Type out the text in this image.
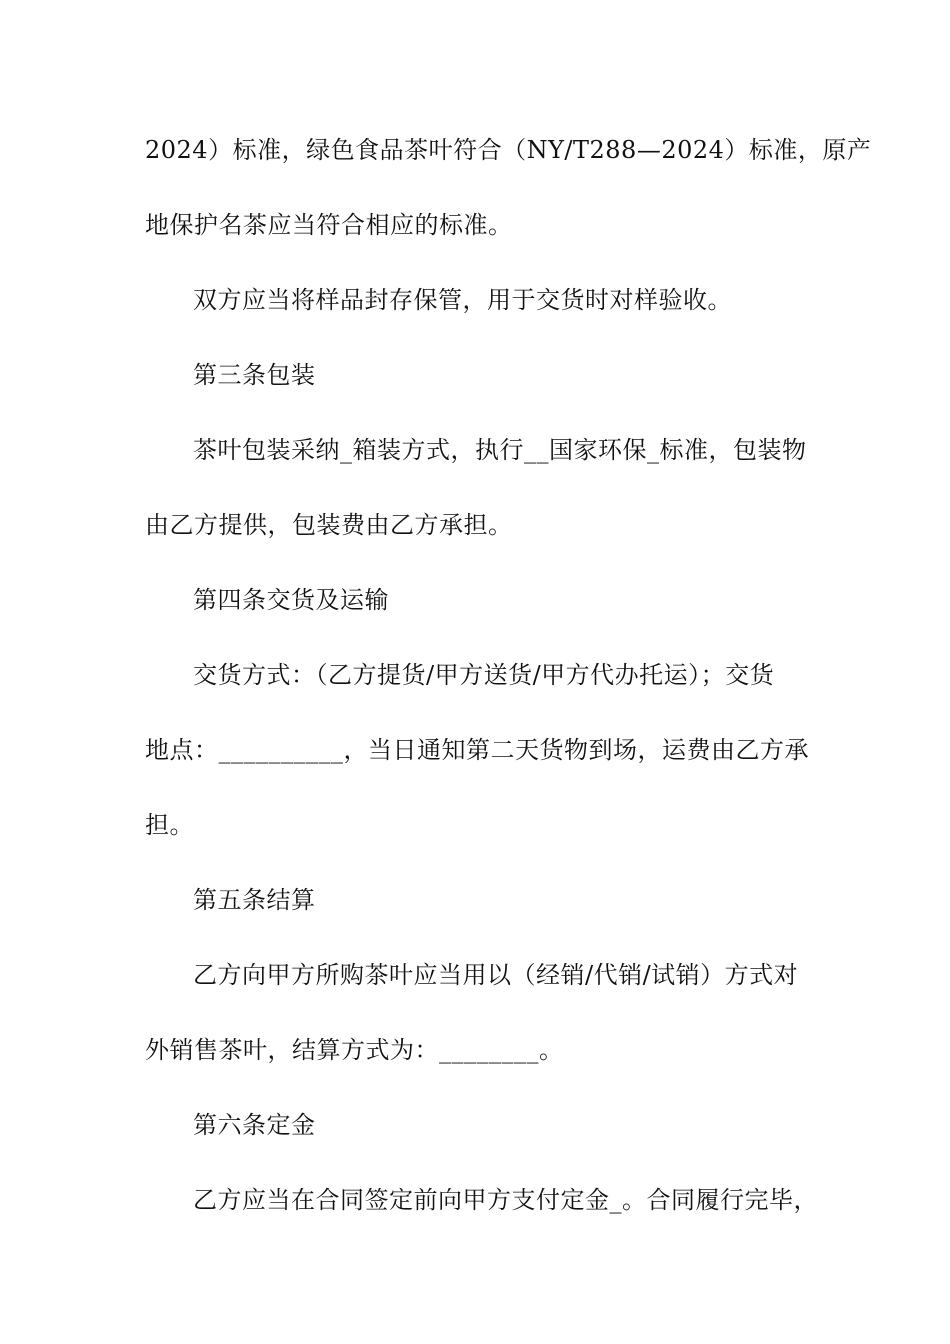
2024）标准，绿色食品茶叶符合（NY/T288—2024）标准，原产
地保护名茶应当符合相应的标准。
双方应当将样品封存保管，用于交货时对样验收。
第三条包装
茶叶包装采纳_箱装方式，执行__国家环保_标准，包装物
由乙方提供，包装费由乙方承担。
第四条交货及运输
交货方式：（乙方提货/甲方送货/甲方代办托运）；交货
地点：__________，当日通知第二天货物到场，运费由乙方承
担。
第五条结算
乙方向甲方所购茶叶应当用以（经销/代销/试销）方式对
外销售茶叶，结算方式为：________。
第六条定金
乙方应当在合同签定前向甲方支付定金_。合同履行完毕，
